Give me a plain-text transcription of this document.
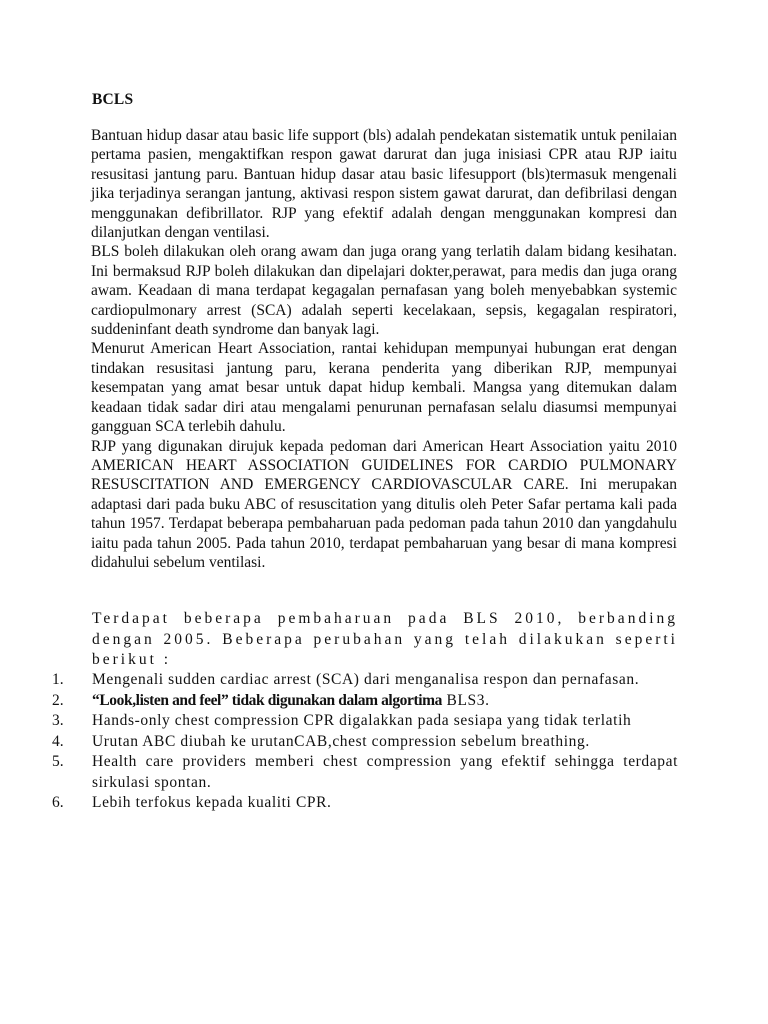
BCLS

Bantuan hidup dasar atau basic life support (bls) adalah pendekatan sistematik untuk penilaian pertama pasien, mengaktifkan respon gawat darurat dan juga inisiasi CPR atau RJP iaitu resusitasi jantung paru. Bantuan hidup dasar atau basic lifesupport (bls)termasuk mengenali jika terjadinya serangan jantung, aktivasi respon sistem gawat darurat, dan defibrilasi dengan menggunakan defibrillator. RJP yang efektif adalah dengan menggunakan kompresi dan dilanjutkan dengan ventilasi.

BLS boleh dilakukan oleh orang awam dan juga orang yang terlatih dalam bidang kesihatan. Ini bermaksud RJP boleh dilakukan dan dipelajari dokter,perawat, para medis dan juga orang awam. Keadaan di mana terdapat kegagalan pernafasan yang boleh menyebabkan systemic cardiopulmonary arrest (SCA) adalah seperti kecelakaan, sepsis, kegagalan respiratori, suddeninfant death syndrome dan banyak lagi.

Menurut American Heart Association, rantai kehidupan mempunyai hubungan erat dengan tindakan resusitasi jantung paru, kerana penderita yang diberikan RJP, mempunyai kesempatan yang amat besar untuk dapat hidup kembali. Mangsa yang ditemukan dalam keadaan tidak sadar diri atau mengalami penurunan pernafasan selalu diasumsi mempunyai gangguan SCA terlebih dahulu.

RJP yang digunakan dirujuk kepada pedoman dari American Heart Association yaitu 2010 AMERICAN HEART ASSOCIATION GUIDELINES FOR CARDIO PULMONARY RESUSCITATION AND EMERGENCY CARDIOVASCULAR CARE. Ini merupakan adaptasi dari pada buku ABC of resuscitation yang ditulis oleh Peter Safar pertama kali pada tahun 1957. Terdapat beberapa pembaharuan pada pedoman pada tahun 2010 dan yangdahulu iaitu pada tahun 2005. Pada tahun 2010, terdapat pembaharuan yang besar di mana kompresi didahului sebelum ventilasi.

Terdapat beberapa pembaharuan pada BLS 2010, berbanding dengan 2005. Beberapa perubahan yang telah dilakukan seperti berikut :

1.	Mengenali sudden cardiac arrest (SCA) dari menganalisa respon dan pernafasan.
2.	“Look,listen and feel” tidak digunakan dalam algortima BLS3.
3.	Hands-only chest compression CPR digalakkan pada sesiapa yang tidak terlatih
4.	Urutan ABC diubah ke urutanCAB,chest compression sebelum breathing.
5.	Health care providers memberi chest compression yang efektif sehingga terdapat sirkulasi spontan.
6.	Lebih terfokus kepada kualiti CPR.
